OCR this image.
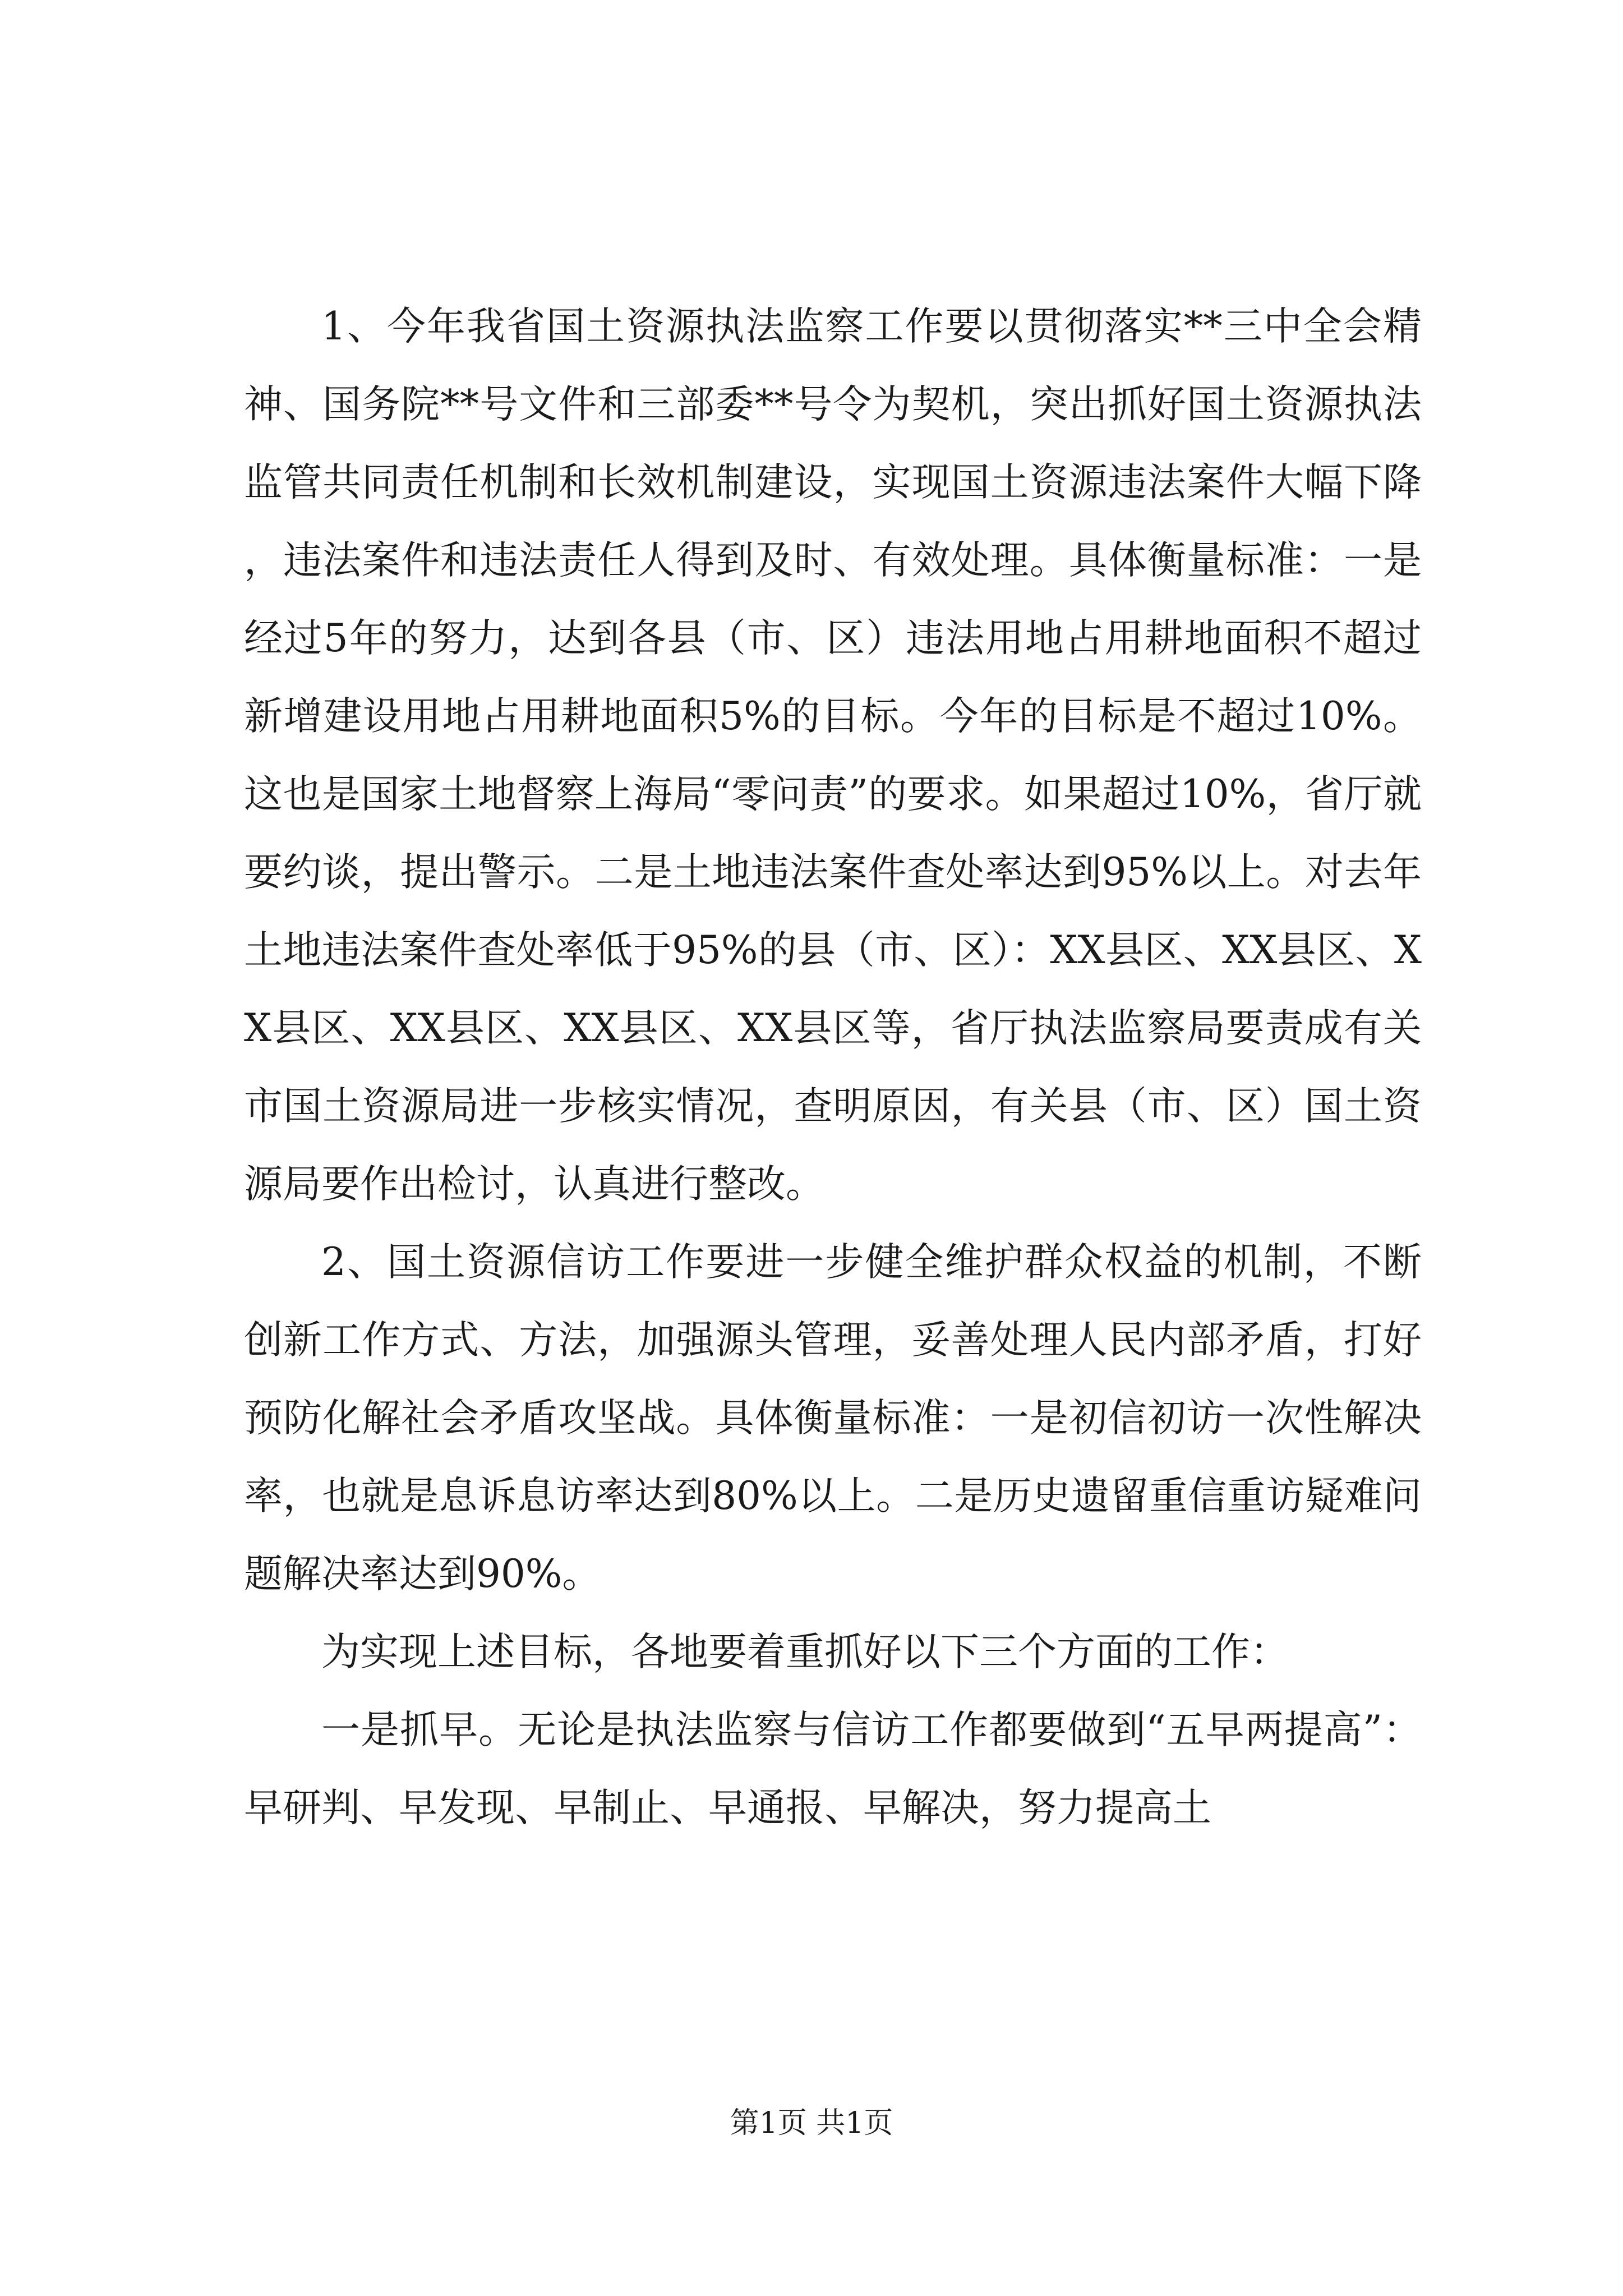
1、今年我省国土资源执法监察工作要以贯彻落实**三中全会精神、国务院**号文件和三部委**号令为契机，突出抓好国土资源执法监管共同责任机制和长效机制建设，实现国土资源违法案件大幅下降，违法案件和违法责任人得到及时、有效处理。具体衡量标准：一是经过5年的努力，达到各县（市、区）违法用地占用耕地面积不超过新增建设用地占用耕地面积5%的目标。今年的目标是不超过10%。这也是国家土地督察上海局“零问责”的要求。如果超过10%，省厅就要约谈，提出警示。二是土地违法案件查处率达到95%以上。对去年土地违法案件查处率低于95%的县（市、区）：XX县区、XX县区、XX县区、XX县区、XX县区、XX县区等，省厅执法监察局要责成有关市国土资源局进一步核实情况，查明原因，有关县（市、区）国土资源局要作出检讨，认真进行整改。

2、国土资源信访工作要进一步健全维护群众权益的机制，不断创新工作方式、方法，加强源头管理，妥善处理人民内部矛盾，打好预防化解社会矛盾攻坚战。具体衡量标准：一是初信初访一次性解决率，也就是息诉息访率达到80%以上。二是历史遗留重信重访疑难问题解决率达到90%。

为实现上述目标，各地要着重抓好以下三个方面的工作：

一是抓早。无论是执法监察与信访工作都要做到“五早两提高”：早研判、早发现、早制止、早通报、早解决，努力提高土

第1页 共1页
